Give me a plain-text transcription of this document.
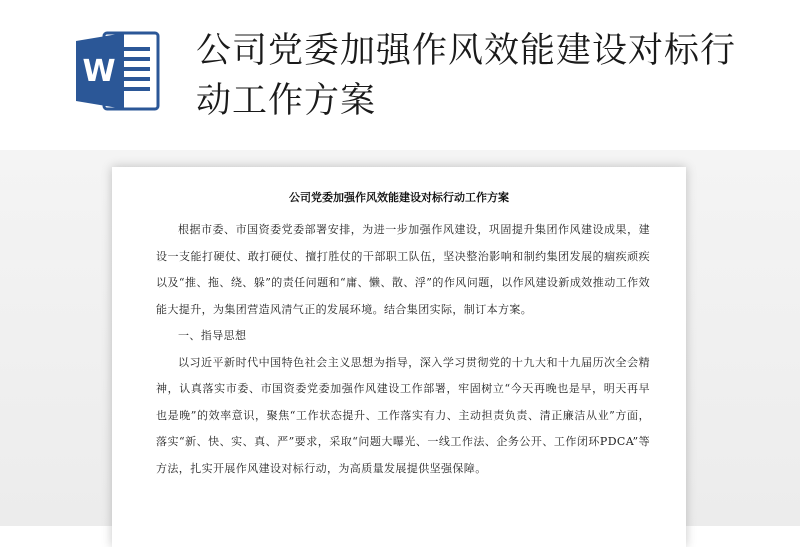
W
公司党委加强作风效能建设对标行动工作方案
公司党委加强作风效能建设对标行动工作方案

根据市委、市国资委党委部署安排，为进一步加强作风建设，巩固提升集团作风建设成果，建设一支能打硬仗、敢打硬仗、擅打胜仗的干部职工队伍，坚决整治影响和制约集团发展的痼疾顽疾以及“推、拖、绕、躲”的责任问题和“庸、懒、散、浮”的作风问题，以作风建设新成效推动工作效能大提升，为集团营造风清气正的发展环境。结合集团实际，制订本方案。

一、指导思想

以习近平新时代中国特色社会主义思想为指导，深入学习贯彻党的十九大和十九届历次全会精神，认真落实市委、市国资委党委加强作风建设工作部署，牢固树立“今天再晚也是早，明天再早也是晚”的效率意识，聚焦“工作状态提升、工作落实有力、主动担责负责、清正廉洁从业”方面，落实“新、快、实、真、严”要求，采取“问题大曝光、一线工作法、企务公开、工作闭环PDCA”等方法，扎实开展作风建设对标行动，为高质量发展提供坚强保障。
